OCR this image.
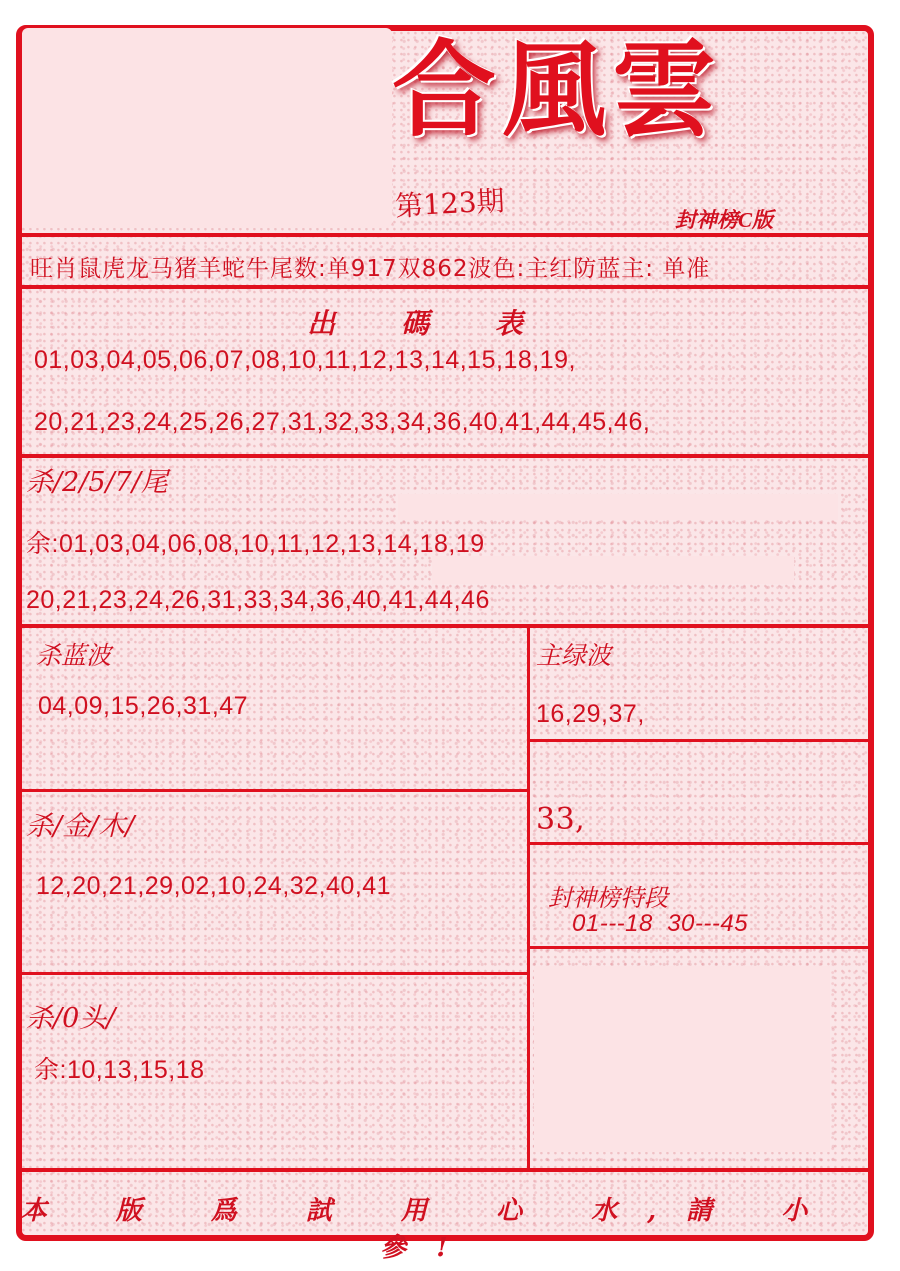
合風雲
第123期	封神榜C版
旺肖鼠虎龙马猪羊蛇牛尾数:单917双862波色:主红防蓝主: 单准
出 碼 表
01,03,04,05,06,07,08,10,11,12,13,14,15,18,19,
20,21,23,24,25,26,27,31,32,33,34,36,40,41,44,45,46,
杀/2/5/7/尾
余:01,03,04,06,08,10,11,12,13,14,18,19
20,21,23,24,26,31,33,34,36,40,41,44,46
杀蓝波
04,09,15,26,31,47
主绿波
16,29,37,
33,
杀/金/木/
12,20,21,29,02,10,24,32,40,41	封神榜特段
01---18  30---45
杀/0头/
余:10,13,15,18
本 版 爲 試 用 心 水,請 小 參!
